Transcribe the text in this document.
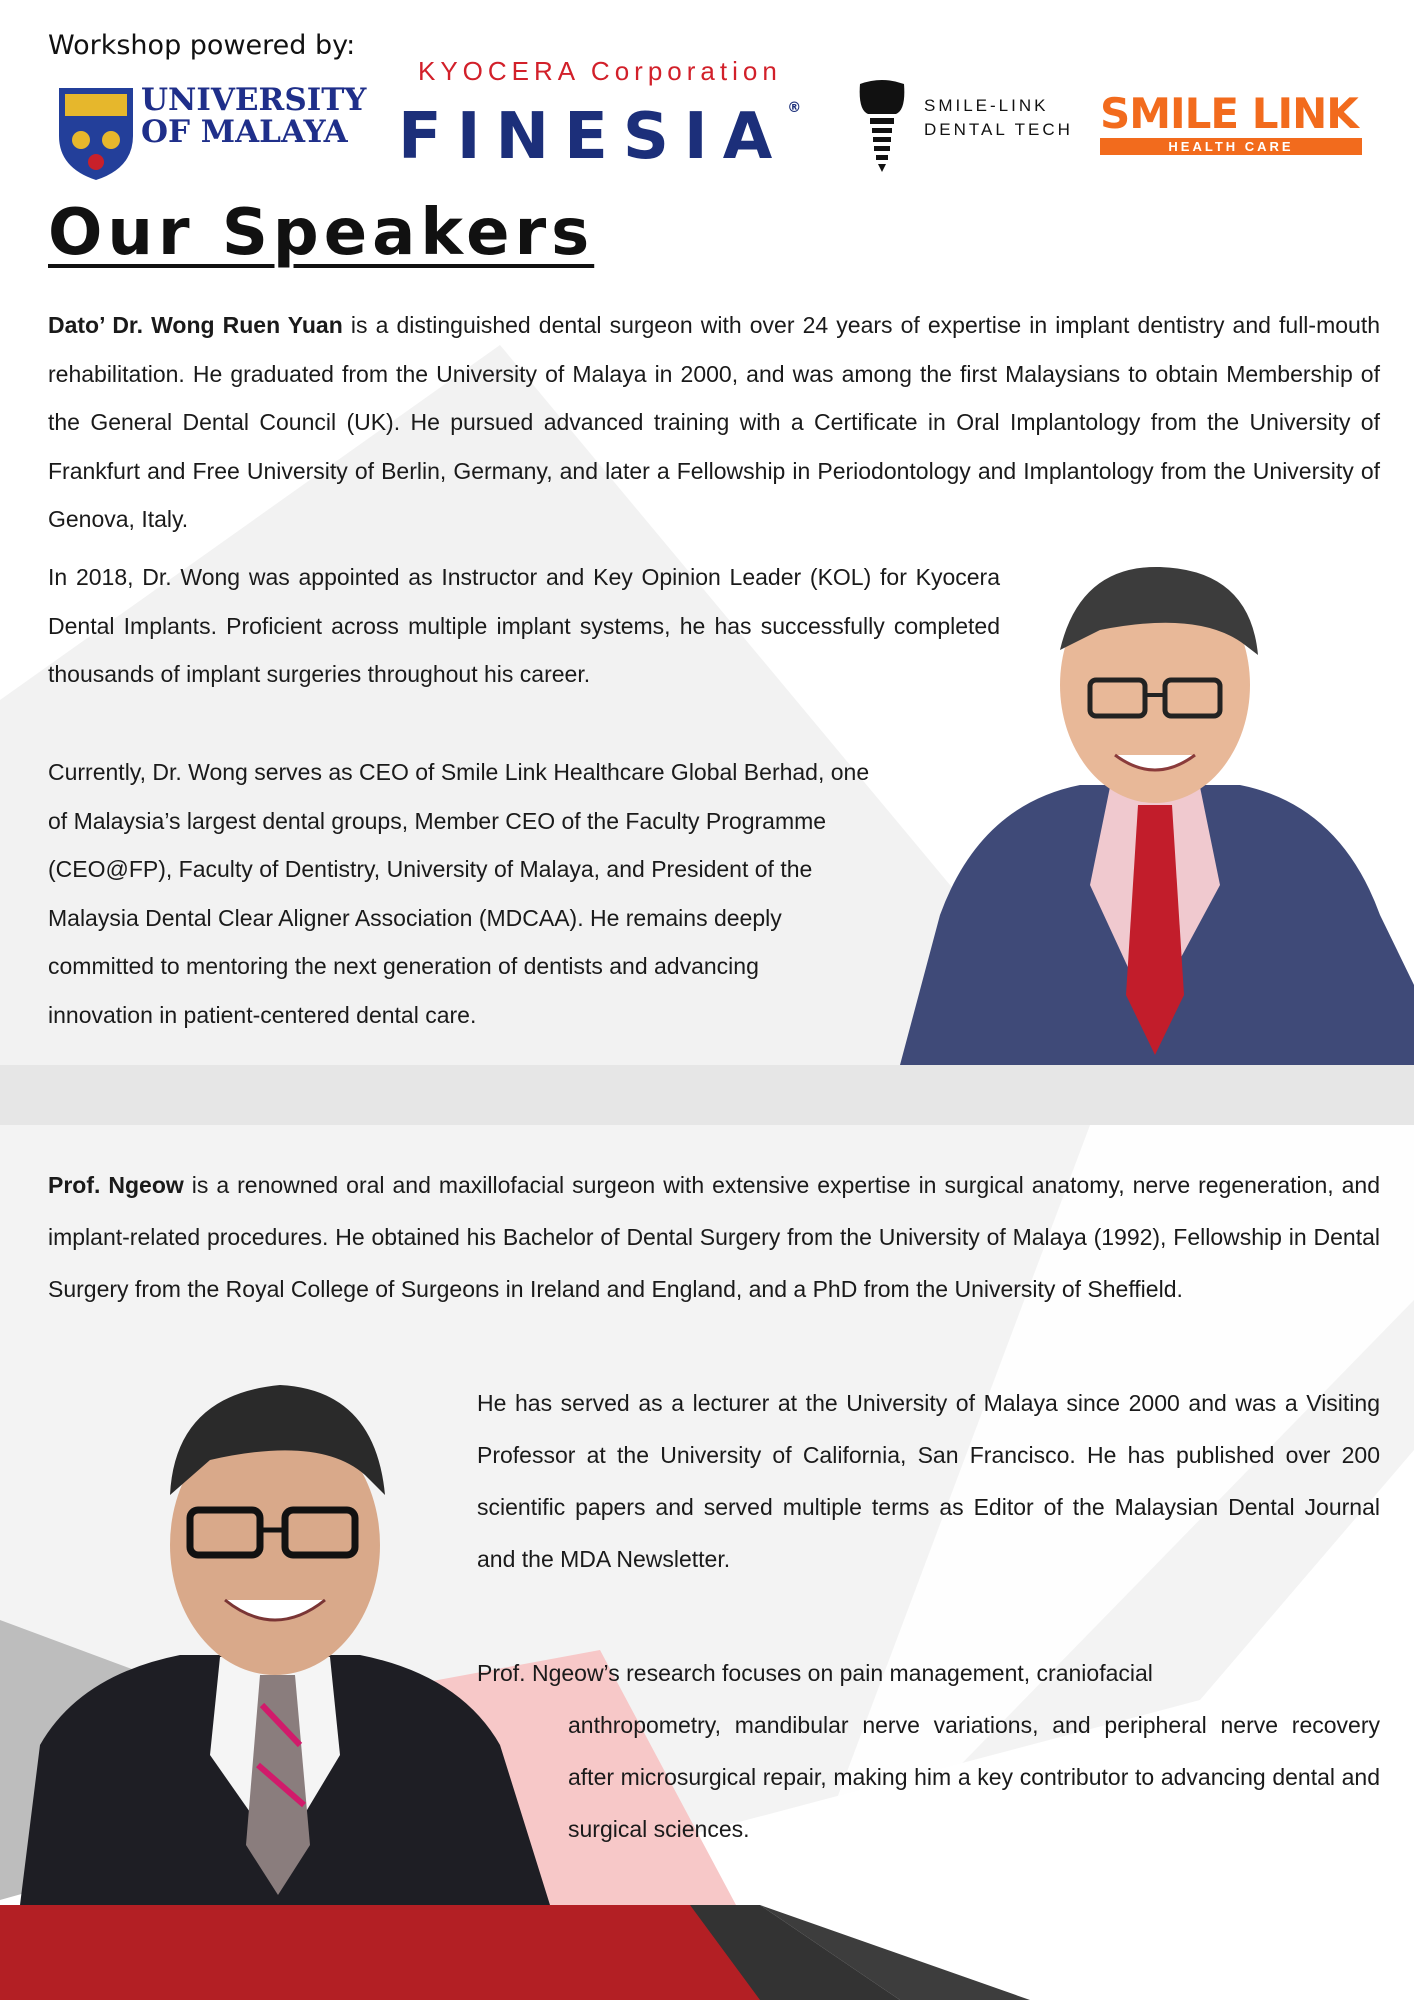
Workshop powered by:
UNIVERSITY
OF MALAYA
KYOCERA Corporation
FINESIA®	SMILE-LINK
DENTAL TECH SMILE LINK
HEALTH CARE
Our Speakers
Dato’ Dr. Wong Ruen Yuan is a distinguished dental surgeon with over 24 years of expertise in implant dentistry and full-mouth rehabilitation. He graduated from the University of Malaya in 2000, and was among the first Malaysians to obtain Membership of the General Dental Council (UK). He pursued advanced training with a Certificate in Oral Implantology from the University of Frankfurt and Free University of Berlin, Germany, and later a Fellowship in Periodontology and Implantology from the University of Genova, Italy.
In 2018, Dr. Wong was appointed as Instructor and Key Opinion Leader (KOL) for Kyocera Dental Implants. Proficient across multiple implant systems, he has successfully completed thousands of implant surgeries throughout his career.
Currently, Dr. Wong serves as CEO of Smile Link Healthcare Global Berhad, one
of Malaysia’s largest dental groups, Member CEO of the Faculty Programme
(CEO@FP), Faculty of Dentistry, University of Malaya, and President of the
Malaysia Dental Clear Aligner Association (MDCAA). He remains deeply
committed to mentoring the next generation of dentists and advancing
innovation in patient-centered dental care.
Prof. Ngeow is a renowned oral and maxillofacial surgeon with extensive expertise in surgical anatomy, nerve regeneration, and implant-related procedures. He obtained his Bachelor of Dental Surgery from the University of Malaya (1992), Fellowship in Dental Surgery from the Royal College of Surgeons in Ireland and England, and a PhD from the University of Sheffield.
He has served as a lecturer at the University of Malaya since 2000 and was a Visiting Professor at the University of California, San Francisco. He has published over 200 scientific papers and served multiple terms as Editor of the Malaysian Dental Journal and the MDA Newsletter.
Prof. Ngeow’s research focuses on pain management, craniofacial
anthropometry, mandibular nerve variations, and peripheral nerve recovery after microsurgical repair, making him a key contributor to advancing dental and surgical sciences.
